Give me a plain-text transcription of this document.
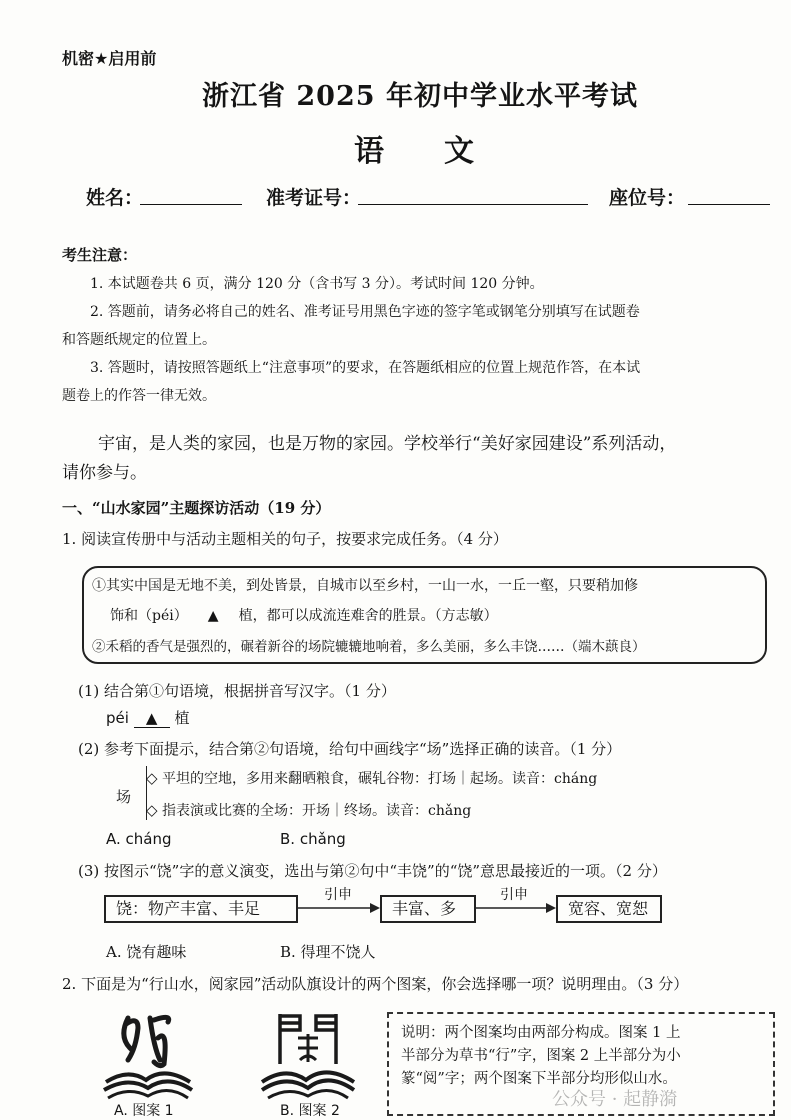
机密★启用前
浙江省 2025 年初中学业水平考试
语　　文
姓名：	准考证号：	座位号：
考生注意：
1. 本试题卷共 6 页，满分 120 分（含书写 3 分）。考试时间 120 分钟。
2. 答题前，请务必将自己的姓名、准考证号用黑色字迹的签字笔或钢笔分别填写在试题卷
和答题纸规定的位置上。
3. 答题时，请按照答题纸上“注意事项”的要求，在答题纸相应的位置上规范作答，在本试
题卷上的作答一律无效。
宇宙，是人类的家园，也是万物的家园。学校举行“美好家园建设”系列活动，
请你参与。
一、“山水家园”主题探访活动（19 分）
1. 阅读宣传册中与活动主题相关的句子，按要求完成任务。（4 分）
①其实中国是无地不美，到处皆景，自城市以至乡村，一山一水，一丘一壑，只要稍加修
饰和（péi） ▲ 植，都可以成流连难舍的胜景。（方志敏）
②禾稻的香气是强烈的，碾着新谷的场院辘辘地响着，多么美丽，多么丰饶……（端木蕻良）
(1) 结合第①句语境，根据拼音写汉字。（1 分）
péi ▲ 植
(2) 参考下面提示，结合第②句语境，给句中画线字“场”选择正确的读音。（1 分）
场
◇ 平坦的空地，多用来翻晒粮食，碾轧谷物：打场｜起场。读音：cháng
◇ 指表演或比赛的全场：开场｜终场。读音：chǎng
A. cháng	B. chǎng
(3) 按图示“饶”字的意义演变，选出与第②句中“丰饶”的“饶”意思最接近的一项。（2 分）
饶：物产丰富、丰足
引申
丰富、多
引申
宽容、宽恕
A. 饶有趣味	B. 得理不饶人
2. 下面是为“行山水，阅家园”活动队旗设计的两个图案，你会选择哪一项？说明理由。（3 分）
A. 图案 1	B. 图案 2
说明：两个图案均由两部分构成。图案 1 上
半部分为草书“行”字，图案 2 上半部分为小
篆“阅”字；两个图案下半部分均形似山水。
公众号 · 起静漪
